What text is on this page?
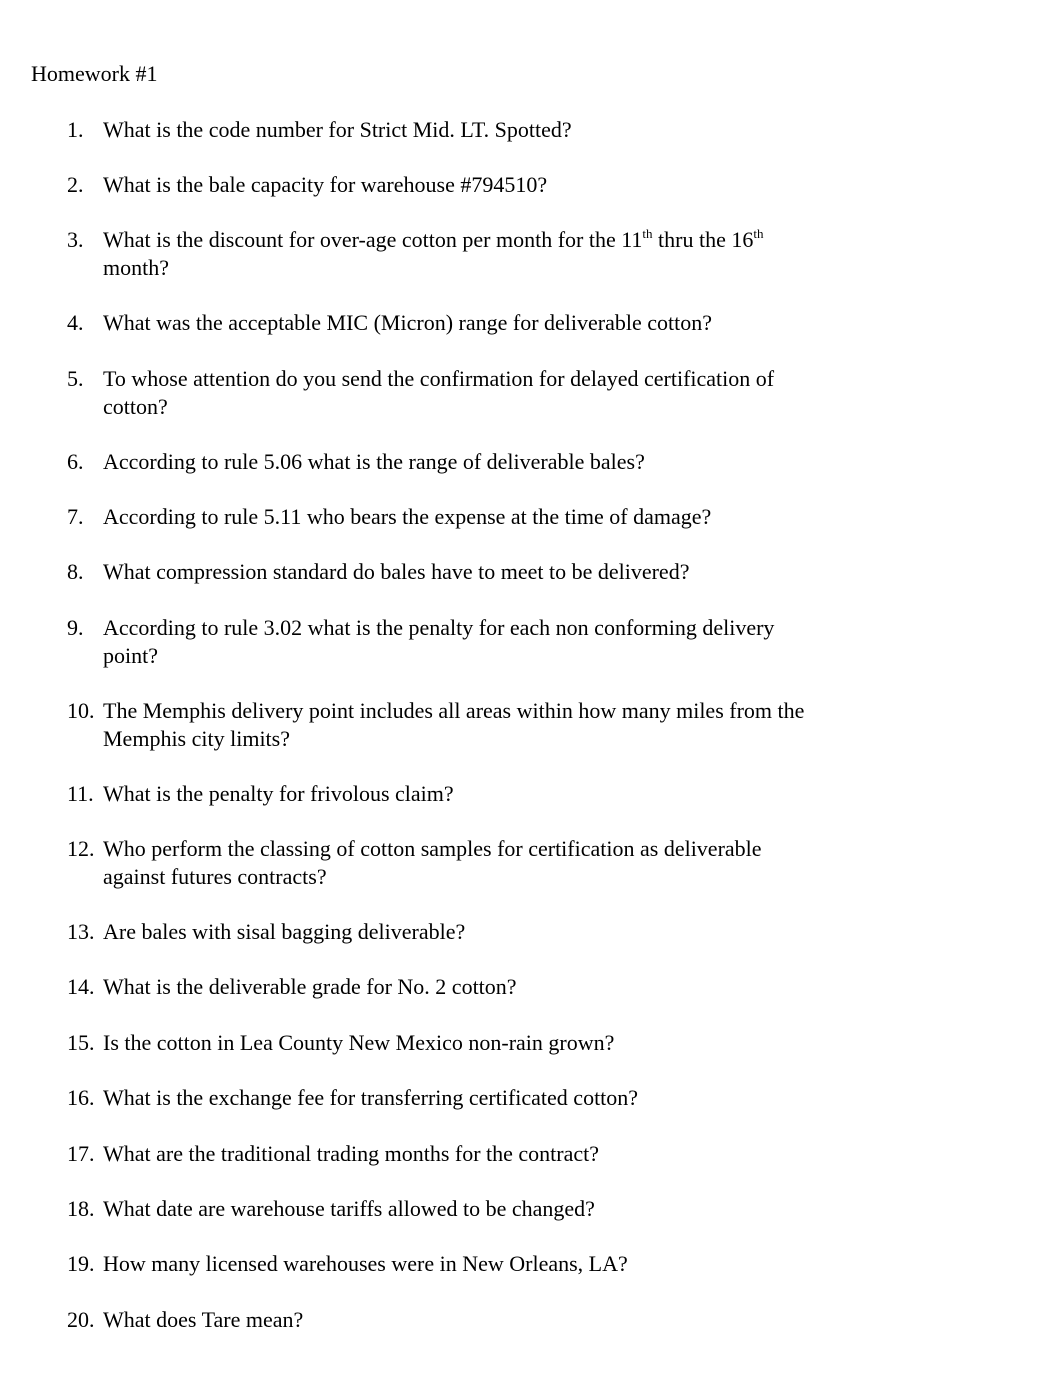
Homework #1
1. What is the code number for Strict Mid. LT. Spotted?
2. What is the bale capacity for warehouse #794510?
3. What is the discount for over-age cotton per month for the 11th thru the 16th
month?
4. What was the acceptable MIC (Micron) range for deliverable cotton?
5. To whose attention do you send the confirmation for delayed certification of
cotton?
6. According to rule 5.06 what is the range of deliverable bales?
7. According to rule 5.11 who bears the expense at the time of damage?
8. What compression standard do bales have to meet to be delivered?
9. According to rule 3.02 what is the penalty for each non conforming delivery
point?
10. The Memphis delivery point includes all areas within how many miles from the
Memphis city limits?
11. What is the penalty for frivolous claim?
12. Who perform the classing of cotton samples for certification as deliverable
against futures contracts?
13. Are bales with sisal bagging deliverable?
14. What is the deliverable grade for No. 2 cotton?
15. Is the cotton in Lea County New Mexico non-rain grown?
16. What is the exchange fee for transferring certificated cotton?
17. What are the traditional trading months for the contract?
18. What date are warehouse tariffs allowed to be changed?
19. How many licensed warehouses were in New Orleans, LA?
20. What does Tare mean?
